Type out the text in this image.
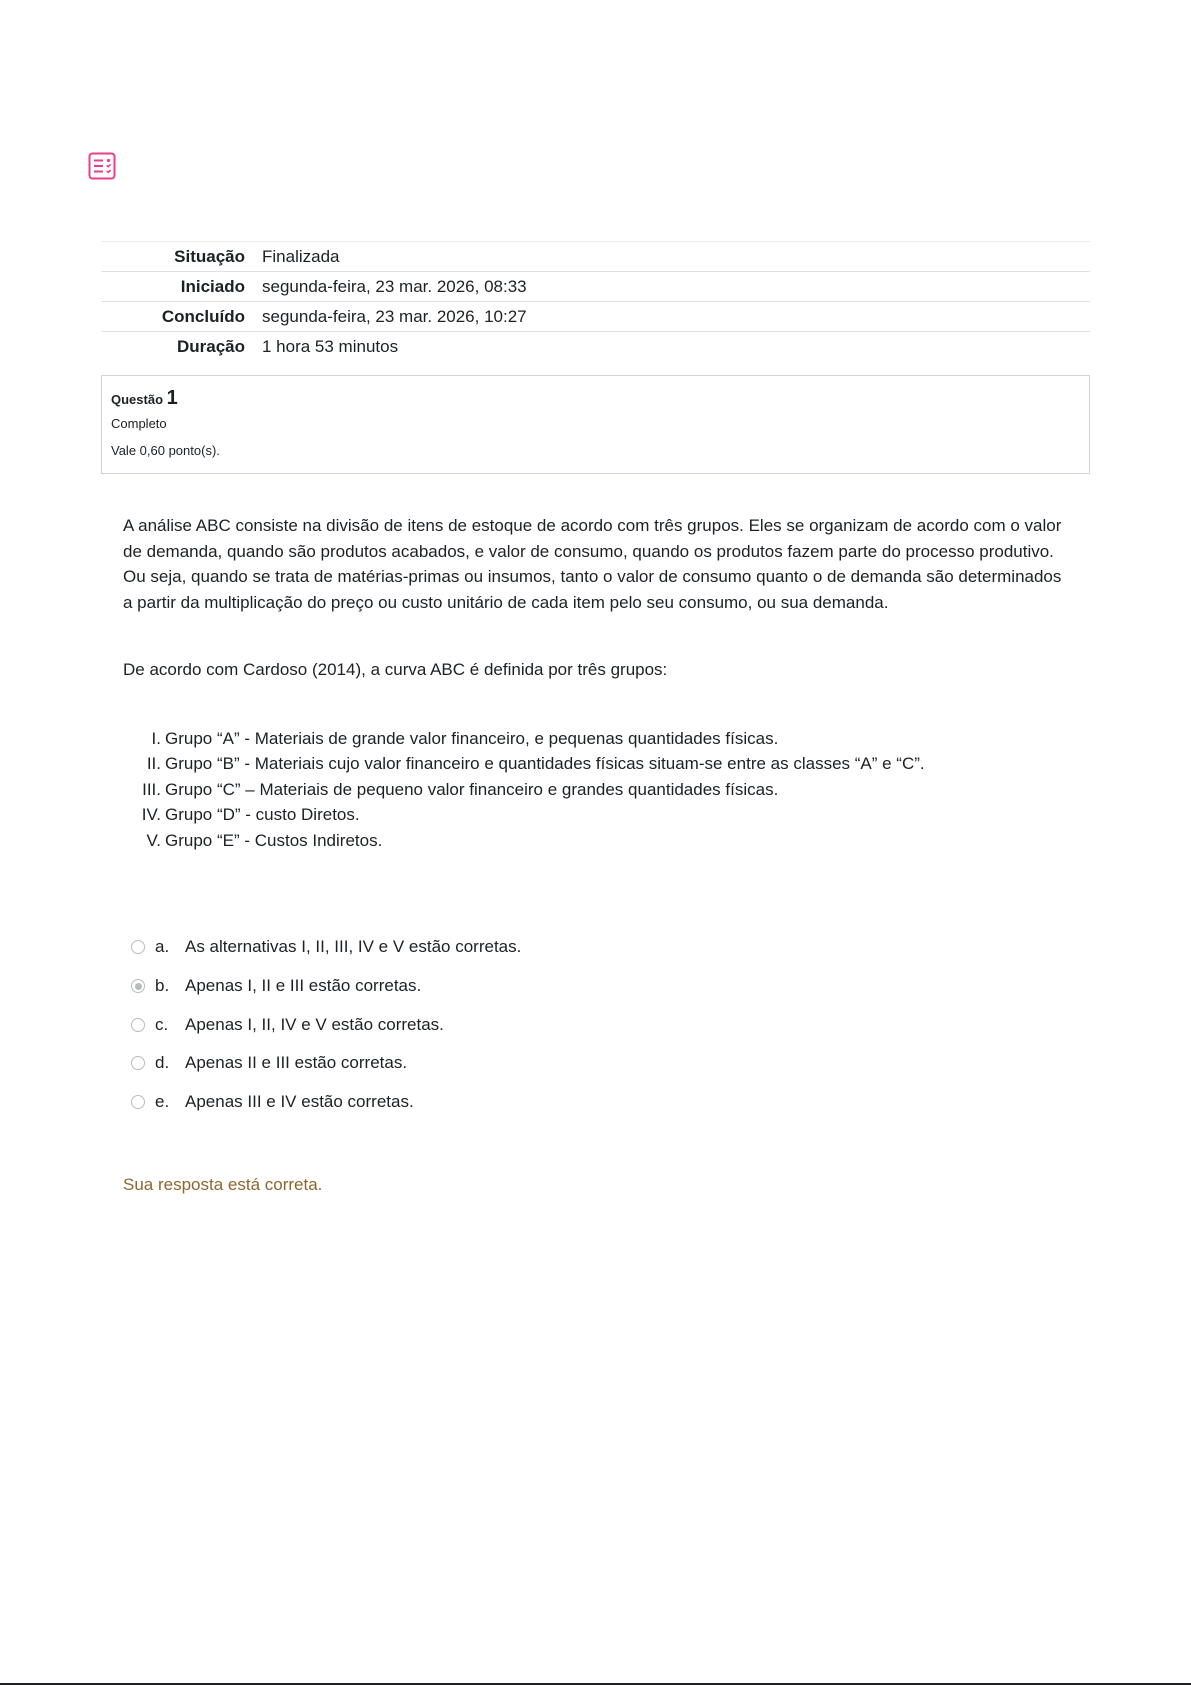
Situação	Finalizada
Iniciado	segunda-feira, 23 mar. 2026, 08:33
Concluído	segunda-feira, 23 mar. 2026, 10:27
Duração	1 hora 53 minutos
Questão 1
Completo
Vale 0,60 ponto(s).

A análise ABC consiste na divisão de itens de estoque de acordo com três grupos. Eles se organizam de acordo com o valor de demanda, quando são produtos acabados, e valor de consumo, quando os produtos fazem parte do processo produtivo. Ou seja, quando se trata de matérias-primas ou insumos, tanto o valor de consumo quanto o de demanda são determinados a partir da multiplicação do preço ou custo unitário de cada item pelo seu consumo, ou sua demanda.

De acordo com Cardoso (2014), a curva ABC é definida por três grupos:

I. Grupo “A” - Materiais de grande valor financeiro, e pequenas quantidades físicas.
II. Grupo “B” - Materiais cujo valor financeiro e quantidades físicas situam-se entre as classes “A” e “C”.
III. Grupo “C” – Materiais de pequeno valor financeiro e grandes quantidades físicas.
IV. Grupo “D” - custo Diretos.
V. Grupo “E” - Custos Indiretos.
a. As alternativas I, II, III, IV e V estão corretas.
b. Apenas I, II e III estão corretas.
c. Apenas I, II, IV e V estão corretas.
d. Apenas II e III estão corretas.
e. Apenas III e IV estão corretas.
Sua resposta está correta.
